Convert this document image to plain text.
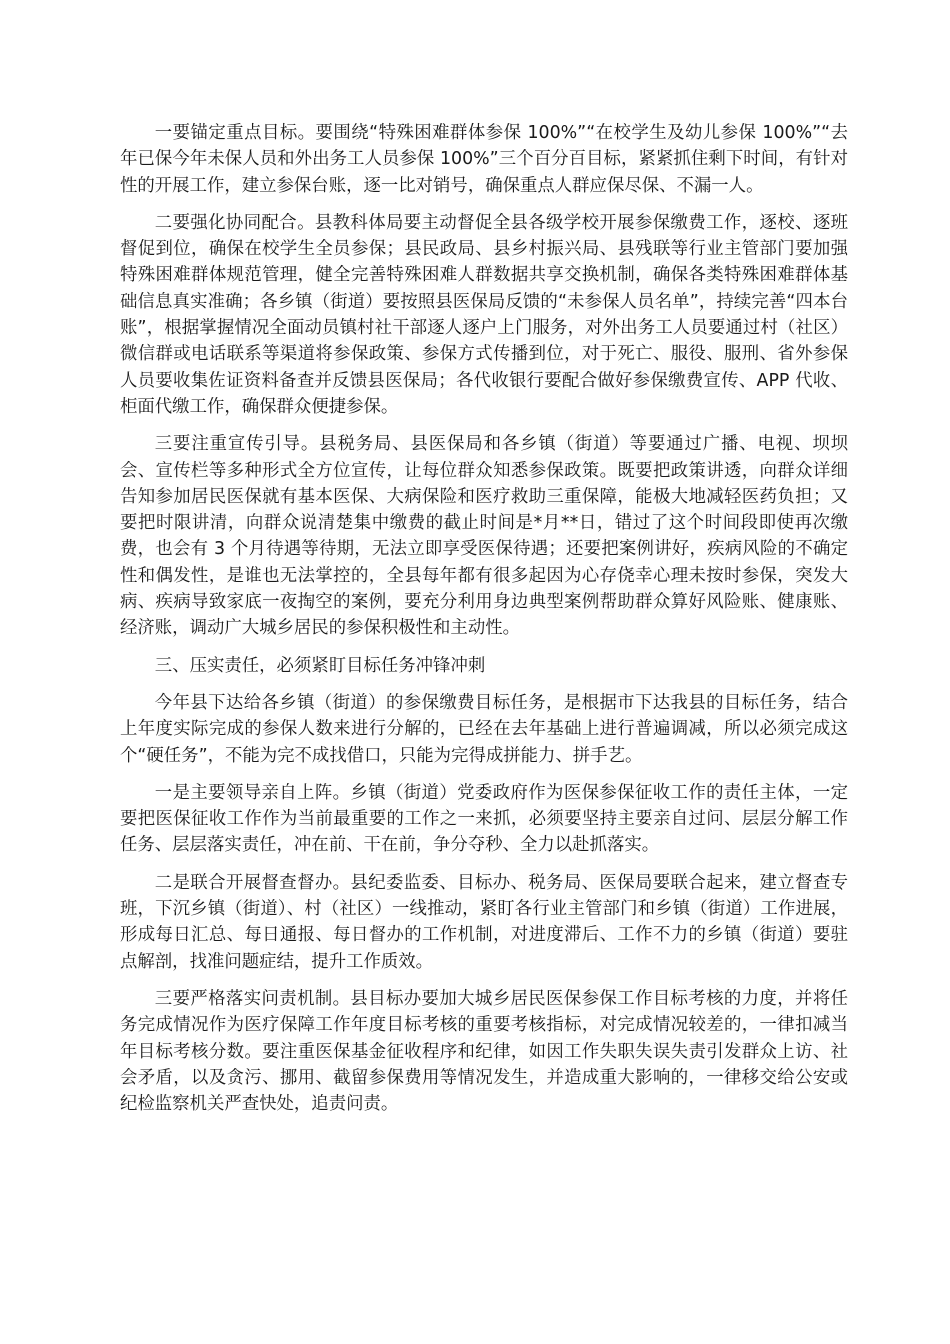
一要锚定重点目标。要围绕“特殊困难群体参保 100%”“在校学生及幼儿参保 100%”“去年已保今年未保人员和外出务工人员参保 100%”三个百分百目标，紧紧抓住剩下时间，有针对性的开展工作，建立参保台账，逐一比对销号，确保重点人群应保尽保、不漏一人。

二要强化协同配合。县教科体局要主动督促全县各级学校开展参保缴费工作，逐校、逐班督促到位，确保在校学生全员参保；县民政局、县乡村振兴局、县残联等行业主管部门要加强特殊困难群体规范管理，健全完善特殊困难人群数据共享交换机制，确保各类特殊困难群体基础信息真实准确；各乡镇（街道）要按照县医保局反馈的“未参保人员名单”，持续完善“四本台账”，根据掌握情况全面动员镇村社干部逐人逐户上门服务，对外出务工人员要通过村（社区）微信群或电话联系等渠道将参保政策、参保方式传播到位，对于死亡、服役、服刑、省外参保人员要收集佐证资料备查并反馈县医保局；各代收银行要配合做好参保缴费宣传、APP 代收、柜面代缴工作，确保群众便捷参保。

三要注重宣传引导。县税务局、县医保局和各乡镇（街道）等要通过广播、电视、坝坝会、宣传栏等多种形式全方位宣传，让每位群众知悉参保政策。既要把政策讲透，向群众详细告知参加居民医保就有基本医保、大病保险和医疗救助三重保障，能极大地减轻医药负担；又要把时限讲清，向群众说清楚集中缴费的截止时间是*月**日，错过了这个时间段即使再次缴费，也会有 3 个月待遇等待期，无法立即享受医保待遇；还要把案例讲好，疾病风险的不确定性和偶发性，是谁也无法掌控的，全县每年都有很多起因为心存侥幸心理未按时参保，突发大病、疾病导致家底一夜掏空的案例，要充分利用身边典型案例帮助群众算好风险账、健康账、经济账，调动广大城乡居民的参保积极性和主动性。

三、压实责任，必须紧盯目标任务冲锋冲刺

今年县下达给各乡镇（街道）的参保缴费目标任务，是根据市下达我县的目标任务，结合上年度实际完成的参保人数来进行分解的，已经在去年基础上进行普遍调减，所以必须完成这个“硬任务”，不能为完不成找借口，只能为完得成拼能力、拼手艺。

一是主要领导亲自上阵。乡镇（街道）党委政府作为医保参保征收工作的责任主体，一定要把医保征收工作作为当前最重要的工作之一来抓，必须要坚持主要亲自过问、层层分解工作任务、层层落实责任，冲在前、干在前，争分夺秒、全力以赴抓落实。

二是联合开展督查督办。县纪委监委、目标办、税务局、医保局要联合起来，建立督查专班，下沉乡镇（街道）、村（社区）一线推动，紧盯各行业主管部门和乡镇（街道）工作进展，形成每日汇总、每日通报、每日督办的工作机制，对进度滞后、工作不力的乡镇（街道）要驻点解剖，找准问题症结，提升工作质效。

三要严格落实问责机制。县目标办要加大城乡居民医保参保工作目标考核的力度，并将任务完成情况作为医疗保障工作年度目标考核的重要考核指标，对完成情况较差的，一律扣减当年目标考核分数。要注重医保基金征收程序和纪律，如因工作失职失误失责引发群众上访、社会矛盾，以及贪污、挪用、截留参保费用等情况发生，并造成重大影响的，一律移交给公安或纪检监察机关严查快处，追责问责。
